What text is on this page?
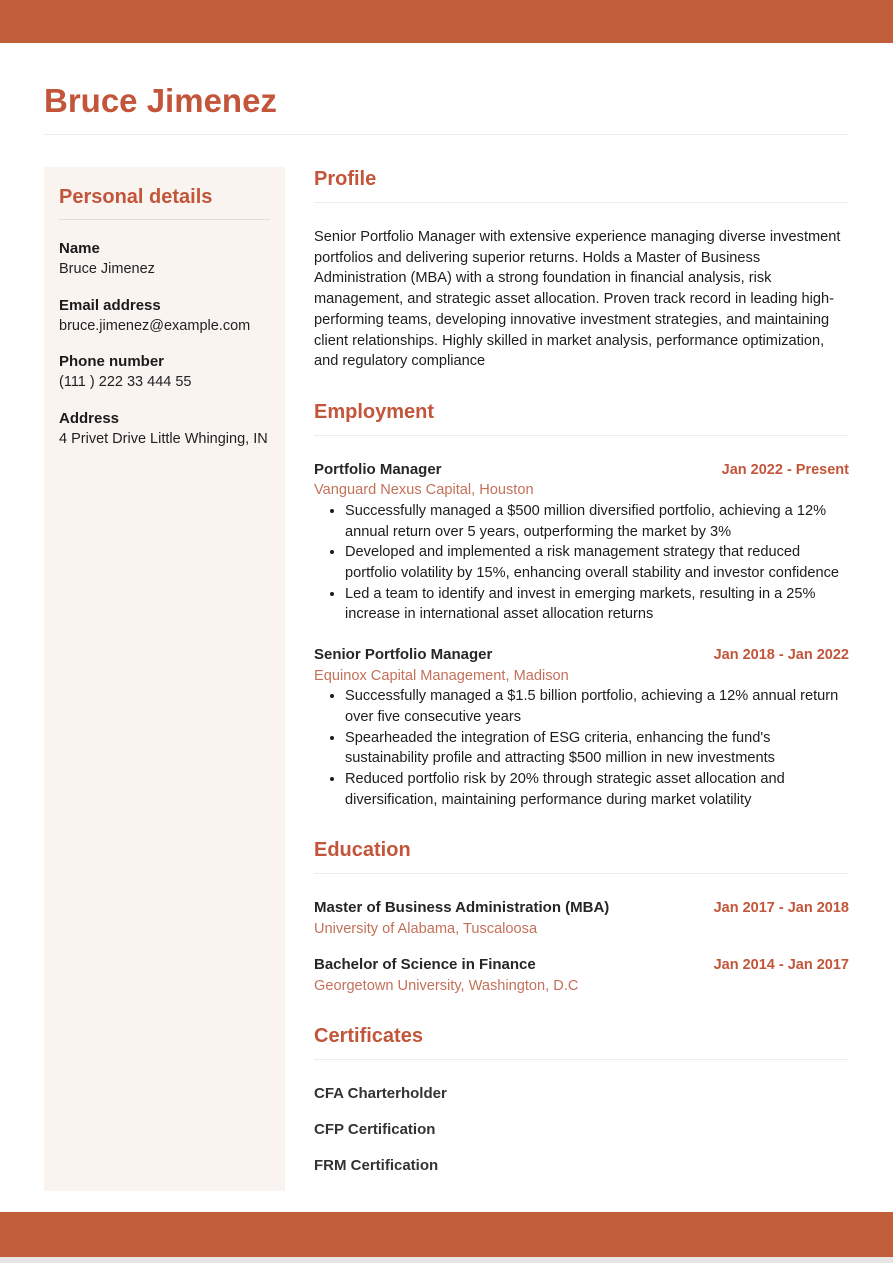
Bruce Jimenez
Personal details
Name
Bruce Jimenez
Email address
bruce.jimenez@example.com
Phone number
(111 ) 222 33 444 55
Address
4 Privet Drive Little Whinging, IN
Profile

Senior Portfolio Manager with extensive experience managing diverse investment portfolios and delivering superior returns. Holds a Master of Business Administration (MBA) with a strong foundation in financial analysis, risk management, and strategic asset allocation. Proven track record in leading high-performing teams, developing innovative investment strategies, and maintaining client relationships. Highly skilled in market analysis, performance optimization, and regulatory compliance

Employment
Portfolio Manager	Jan 2022 - Present
Vanguard Nexus Capital, Houston
• Successfully managed a $500 million diversified portfolio, achieving a 12% annual return over 5 years, outperforming the market by 3%
• Developed and implemented a risk management strategy that reduced portfolio volatility by 15%, enhancing overall stability and investor confidence
• Led a team to identify and invest in emerging markets, resulting in a 25% increase in international asset allocation returns
Senior Portfolio Manager	Jan 2018 - Jan 2022
Equinox Capital Management, Madison
• Successfully managed a $1.5 billion portfolio, achieving a 12% annual return over five consecutive years
• Spearheaded the integration of ESG criteria, enhancing the fund's sustainability profile and attracting $500 million in new investments
• Reduced portfolio risk by 20% through strategic asset allocation and diversification, maintaining performance during market volatility
Education
Master of Business Administration (MBA)	Jan 2017 - Jan 2018
University of Alabama, Tuscaloosa
Bachelor of Science in Finance	Jan 2014 - Jan 2017
Georgetown University, Washington, D.C
Certificates
CFA Charterholder
CFP Certification
FRM Certification
